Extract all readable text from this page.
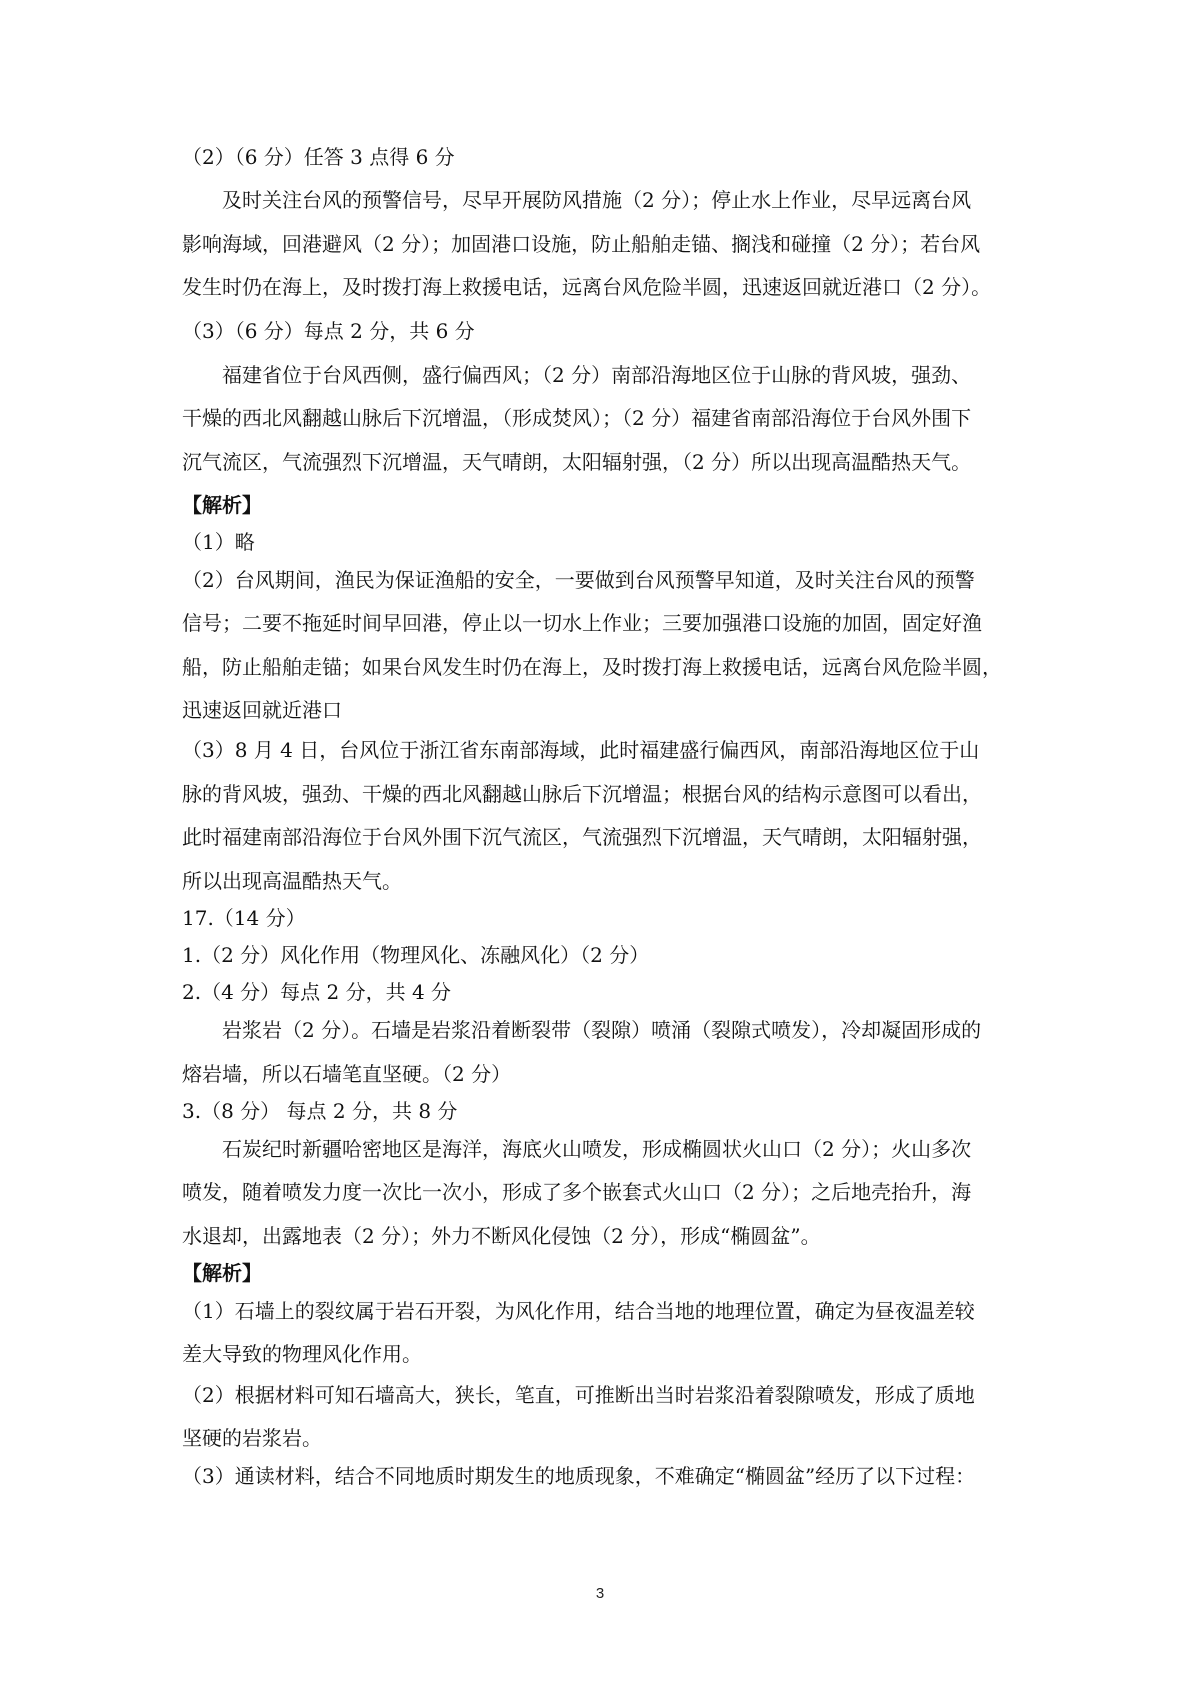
（2）（6 分）任答 3 点得 6 分
及时关注台风的预警信号，尽早开展防风措施（2 分）；停止水上作业，尽早远离台风
影响海域，回港避风（2 分）；加固港口设施，防止船舶走锚、搁浅和碰撞（2 分）；若台风
发生时仍在海上，及时拨打海上救援电话，远离台风危险半圆，迅速返回就近港口（2 分）。
（3）（6 分）每点 2 分，共 6 分
福建省位于台风西侧，盛行偏西风；（2 分）南部沿海地区位于山脉的背风坡，强劲、
干燥的西北风翻越山脉后下沉增温，（形成焚风）；（2 分）福建省南部沿海位于台风外围下
沉气流区，气流强烈下沉增温，天气晴朗，太阳辐射强，（2 分）所以出现高温酷热天气。
【解析】
（1）略
（2）台风期间，渔民为保证渔船的安全，一要做到台风预警早知道，及时关注台风的预警
信号；二要不拖延时间早回港，停止以一切水上作业；三要加强港口设施的加固，固定好渔
船，防止船舶走锚；如果台风发生时仍在海上，及时拨打海上救援电话，远离台风危险半圆，
迅速返回就近港口
（3）8 月 4 日，台风位于浙江省东南部海域，此时福建盛行偏西风，南部沿海地区位于山
脉的背风坡，强劲、干燥的西北风翻越山脉后下沉增温；根据台风的结构示意图可以看出，
此时福建南部沿海位于台风外围下沉气流区，气流强烈下沉增温，天气晴朗，太阳辐射强，
所以出现高温酷热天气。
17.（14 分）
1.（2 分）风化作用（物理风化、冻融风化）（2 分）
2.（4 分）每点 2 分，共 4 分
岩浆岩（2 分）。石墙是岩浆沿着断裂带（裂隙）喷涌（裂隙式喷发），冷却凝固形成的
熔岩墙，所以石墙笔直坚硬。（2 分）
3.（8 分） 每点 2 分，共 8 分
石炭纪时新疆哈密地区是海洋，海底火山喷发，形成椭圆状火山口（2 分）；火山多次
喷发，随着喷发力度一次比一次小，形成了多个嵌套式火山口（2 分）；之后地壳抬升，海
水退却，出露地表（2 分）；外力不断风化侵蚀（2 分），形成“椭圆盆”。
【解析】
（1）石墙上的裂纹属于岩石开裂，为风化作用，结合当地的地理位置，确定为昼夜温差较
差大导致的物理风化作用。
（2）根据材料可知石墙高大，狭长，笔直，可推断出当时岩浆沿着裂隙喷发，形成了质地
坚硬的岩浆岩。
（3）通读材料，结合不同地质时期发生的地质现象，不难确定“椭圆盆”经历了以下过程：
3
